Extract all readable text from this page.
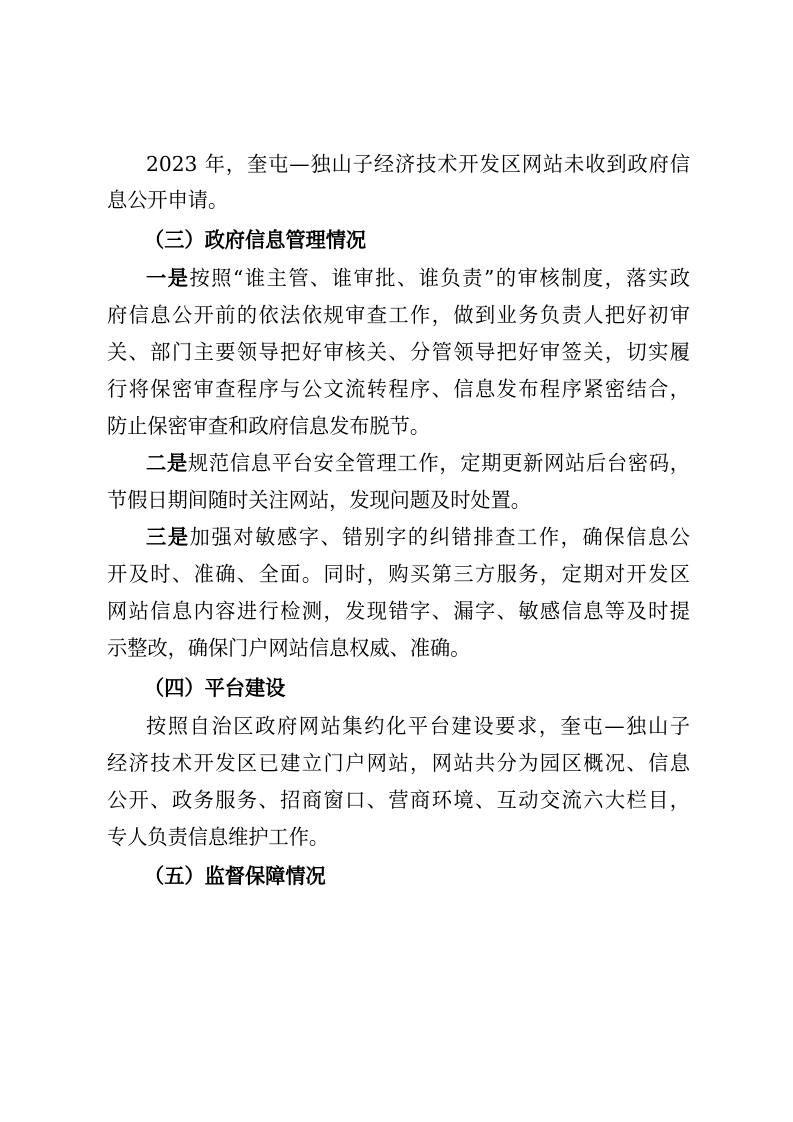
2023 年，奎屯—独山子经济技术开发区网站未收到政府信
息公开申请。
（三）政府信息管理情况
一是按照“谁主管、谁审批、谁负责”的审核制度，落实政
府信息公开前的依法依规审查工作，做到业务负责人把好初审
关、部门主要领导把好审核关、分管领导把好审签关，切实履
行将保密审查程序与公文流转程序、信息发布程序紧密结合，
防止保密审查和政府信息发布脱节。
二是规范信息平台安全管理工作，定期更新网站后台密码，
节假日期间随时关注网站，发现问题及时处置。
三是加强对敏感字、错别字的纠错排查工作，确保信息公
开及时、准确、全面。同时，购买第三方服务，定期对开发区
网站信息内容进行检测，发现错字、漏字、敏感信息等及时提
示整改，确保门户网站信息权威、准确。
（四）平台建设
按照自治区政府网站集约化平台建设要求，奎屯—独山子
经济技术开发区已建立门户网站，网站共分为园区概况、信息
公开、政务服务、招商窗口、营商环境、互动交流六大栏目，
专人负责信息维护工作。
（五）监督保障情况
